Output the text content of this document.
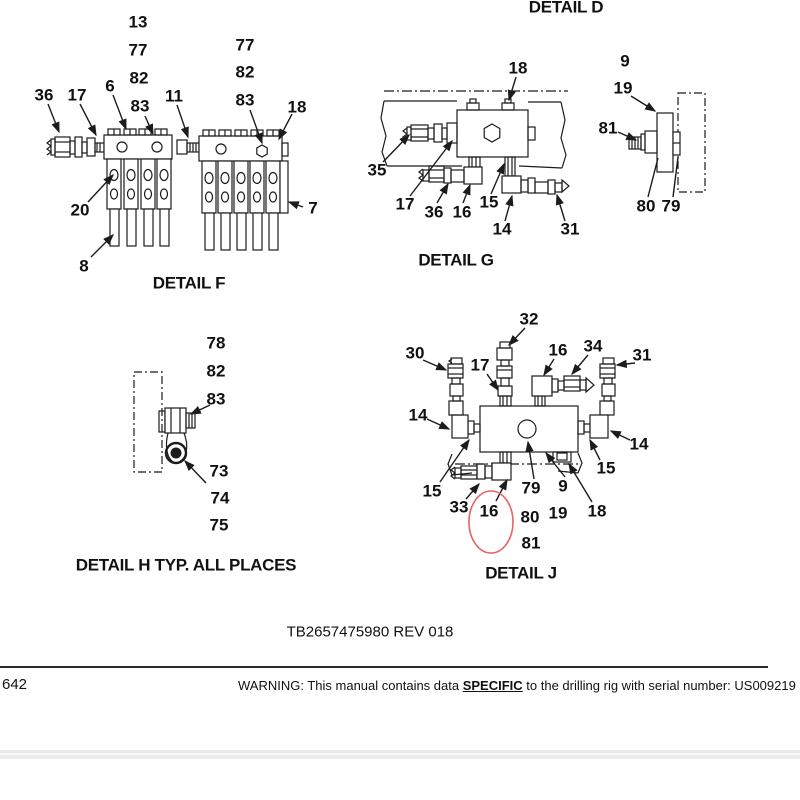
13
77
82
83
36 17 6
11
77
82
83 18
20	7
8
DETAIL F
DETAIL D
18
35
17 36 16
15
14	31
DETAIL G
9
19
81
80 79
78
82
83
73
74
75
DETAIL H TYP. ALL PLACES
32
30
17
16 34 31
14
14
15
15
33 16
79 9
80 19 18
81
DETAIL J
TB2657475980 REV 018
642	WARNING: This manual contains data SPECIFIC to the drilling rig with serial number: US009219
